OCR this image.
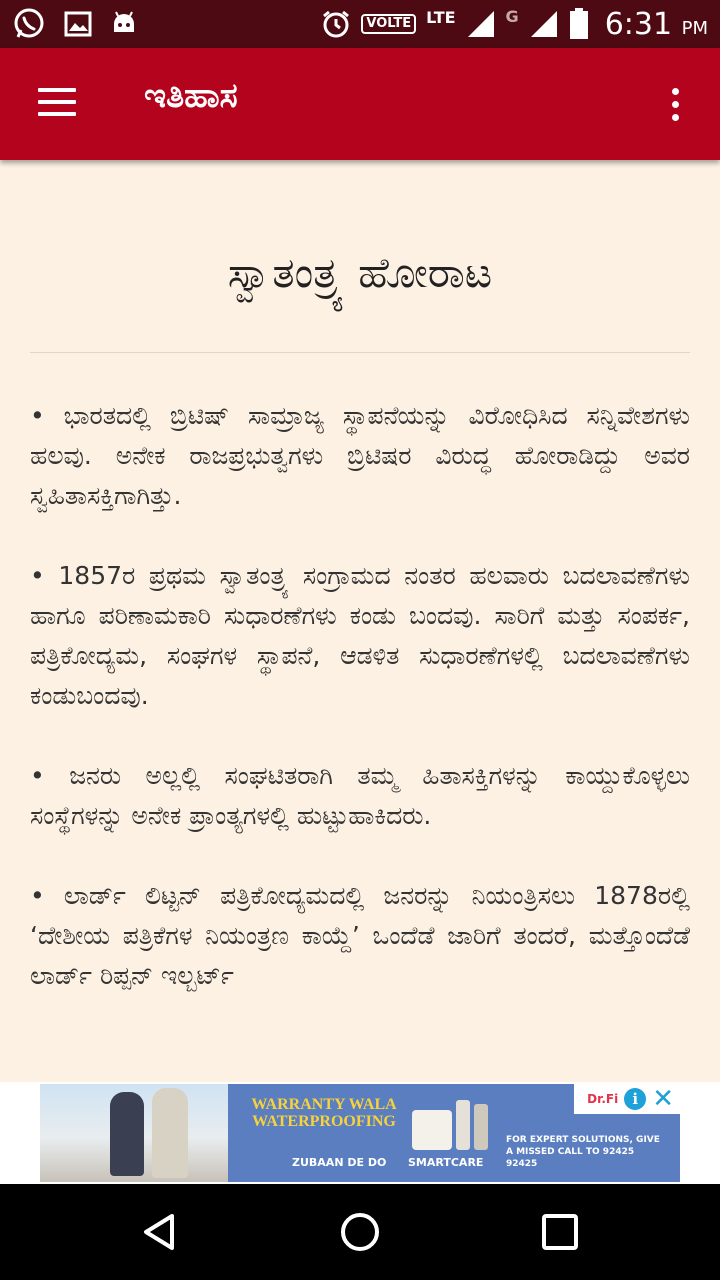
VOLTE LTE	G	6:31 PM
ಇತಿಹಾಸ
ಸ್ವಾತಂತ್ರ್ಯ ಹೋರಾಟ

• ಭಾರತದಲ್ಲಿ ಬ್ರಿಟಿಷ್ ಸಾಮ್ರಾಜ್ಯ ಸ್ಥಾಪನೆಯನ್ನು ವಿರೋಧಿಸಿದ ಸನ್ನಿವೇಶಗಳು ಹಲವು. ಅನೇಕ ರಾಜಪ್ರಭುತ್ವಗಳು ಬ್ರಿಟಿಷರ ವಿರುದ್ಧ ಹೋರಾಡಿದ್ದು ಅವರ ಸ್ವಹಿತಾಸಕ್ತಿಗಾಗಿತ್ತು.

• 1857ರ ಪ್ರಥಮ ಸ್ವಾತಂತ್ರ್ಯ ಸಂಗ್ರಾಮದ ನಂತರ ಹಲವಾರು ಬದಲಾವಣೆಗಳು ಹಾಗೂ ಪರಿಣಾಮಕಾರಿ ಸುಧಾರಣೆಗಳು ಕಂಡು ಬಂದವು. ಸಾರಿಗೆ ಮತ್ತು ಸಂಪರ್ಕ, ಪತ್ರಿಕೋದ್ಯಮ, ಸಂಘಗಳ ಸ್ಥಾಪನೆ, ಆಡಳಿತ ಸುಧಾರಣೆಗಳಲ್ಲಿ ಬದಲಾವಣೆಗಳು ಕಂಡುಬಂದವು.

• ಜನರು ಅಲ್ಲಲ್ಲಿ ಸಂಘಟಿತರಾಗಿ ತಮ್ಮ ಹಿತಾಸಕ್ತಿಗಳನ್ನು ಕಾಯ್ದುಕೊಳ್ಳಲು ಸಂಸ್ಥೆಗಳನ್ನು ಅನೇಕ ಪ್ರಾಂತ್ಯಗಳಲ್ಲಿ ಹುಟ್ಟುಹಾಕಿದರು.

• ಲಾರ್ಡ್ ಲಿಟ್ಟನ್ ಪತ್ರಿಕೋದ್ಯಮದಲ್ಲಿ ಜನರನ್ನು ನಿಯಂತ್ರಿಸಲು 1878ರಲ್ಲಿ ‘ದೇಶೀಯ ಪತ್ರಿಕೆಗಳ ನಿಯಂತ್ರಣ ಕಾಯ್ದೆ’ ಒಂದೆಡೆ ಜಾರಿಗೆ ತಂದರೆ, ಮತ್ತೊಂದೆಡೆ ಲಾರ್ಡ್ ರಿಪ್ಪನ್ ಇಲ್ಬರ್ಟ್

WARRANTY WALA WATERPROOFING
ZUBAAN DE DO SMARTCARE
FOR EXPERT SOLUTIONS, GIVE A MISSED CALL TO 92425 92425
Dr.Fi i ✕
